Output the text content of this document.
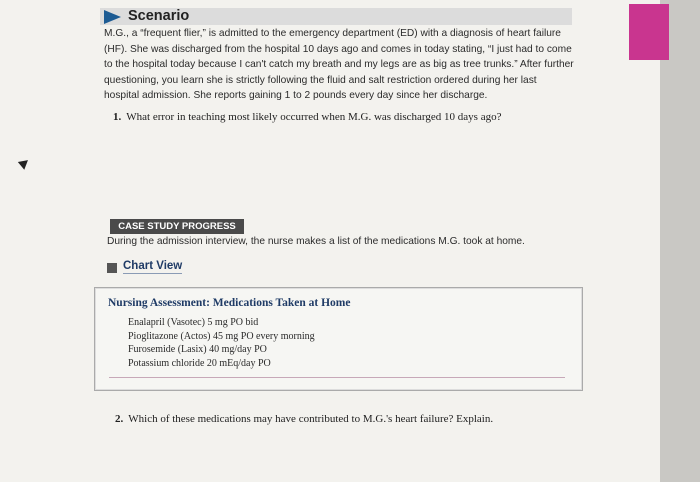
Scenario
M.G., a “frequent flier,” is admitted to the emergency department (ED) with a diagnosis of heart failure (HF). She was discharged from the hospital 10 days ago and comes in today stating, “I just had to come to the hospital today because I can't catch my breath and my legs are as big as tree trunks.” After further questioning, you learn she is strictly following the fluid and salt restriction ordered during her last hospital admission. She reports gaining 1 to 2 pounds every day since her discharge.
1. What error in teaching most likely occurred when M.G. was discharged 10 days ago?
CASE STUDY PROGRESS
During the admission interview, the nurse makes a list of the medications M.G. took at home.
Chart View
Nursing Assessment: Medications Taken at Home
Enalapril (Vasotec) 5 mg PO bid
Pioglitazone (Actos) 45 mg PO every morning
Furosemide (Lasix) 40 mg/day PO
Potassium chloride 20 mEq/day PO
2. Which of these medications may have contributed to M.G.'s heart failure? Explain.
